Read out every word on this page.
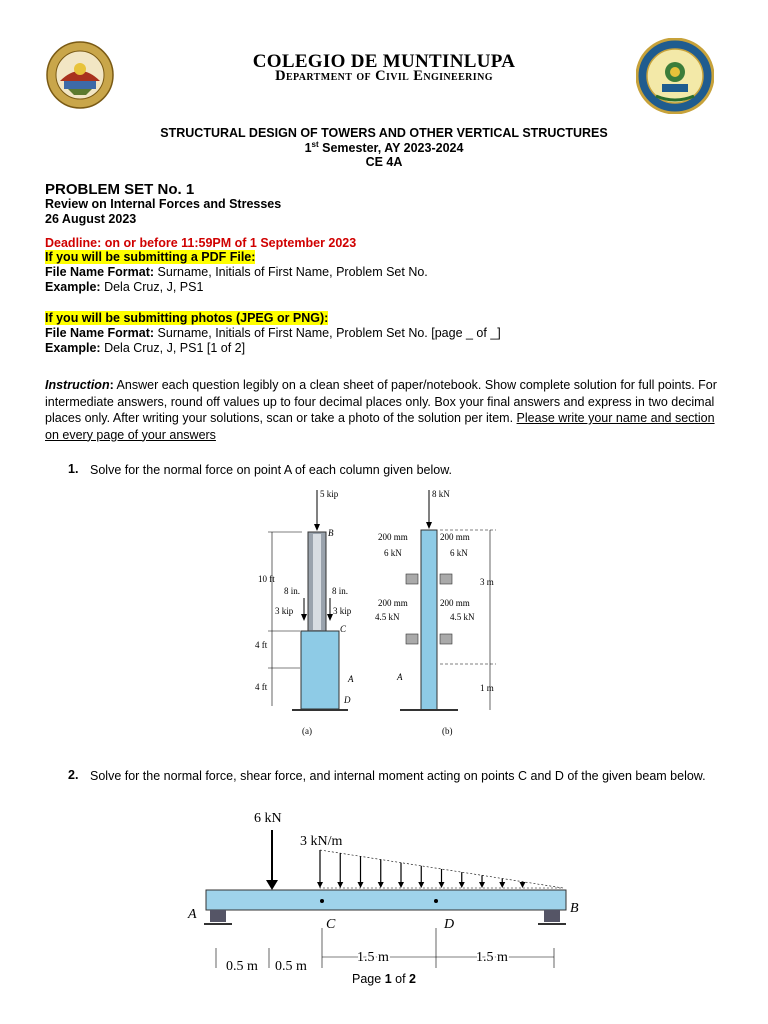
COLEGIO DE MUNTINLUPA
Department of Civil Engineering
STRUCTURAL DESIGN OF TOWERS AND OTHER VERTICAL STRUCTURES
1st Semester, AY 2023-2024
CE 4A
PROBLEM SET No. 1
Review on Internal Forces and Stresses
26 August 2023
Deadline: on or before 11:59PM of 1 September 2023
If you will be submitting a PDF File:
File Name Format: Surname, Initials of First Name, Problem Set No.
Example: Dela Cruz, J, PS1
If you will be submitting photos (JPEG or PNG):
File Name Format: Surname, Initials of First Name, Problem Set No. [page _ of _]
Example: Dela Cruz, J, PS1 [1 of 2]
Instruction: Answer each question legibly on a clean sheet of paper/notebook. Show complete solution for full points. For intermediate answers, round off values up to four decimal places only. Box your final answers and express in two decimal places only. After writing your solutions, scan or take a photo of the solution per item. Please write your name and section on every page of your answers
1. Solve for the normal force on point A of each column given below.
5 kip
B
10 ft
4 ft
4 ft
8 in.	8 in.
3 kip	3 kip
C
A
D
(a)
8 kN
200 mm	200 mm
6 kN	6 kN
3 m
200 mm	200 mm
4.5 kN	4.5 kN
A
1 m
(b)
2. Solve for the normal force, shear force, and internal moment acting on points C and D of the given beam below.
6 kN
3 kN/m
A	B
C	D
1.5 m	1.5 m
0.5 m 0.5 m
Page 1 of 2
